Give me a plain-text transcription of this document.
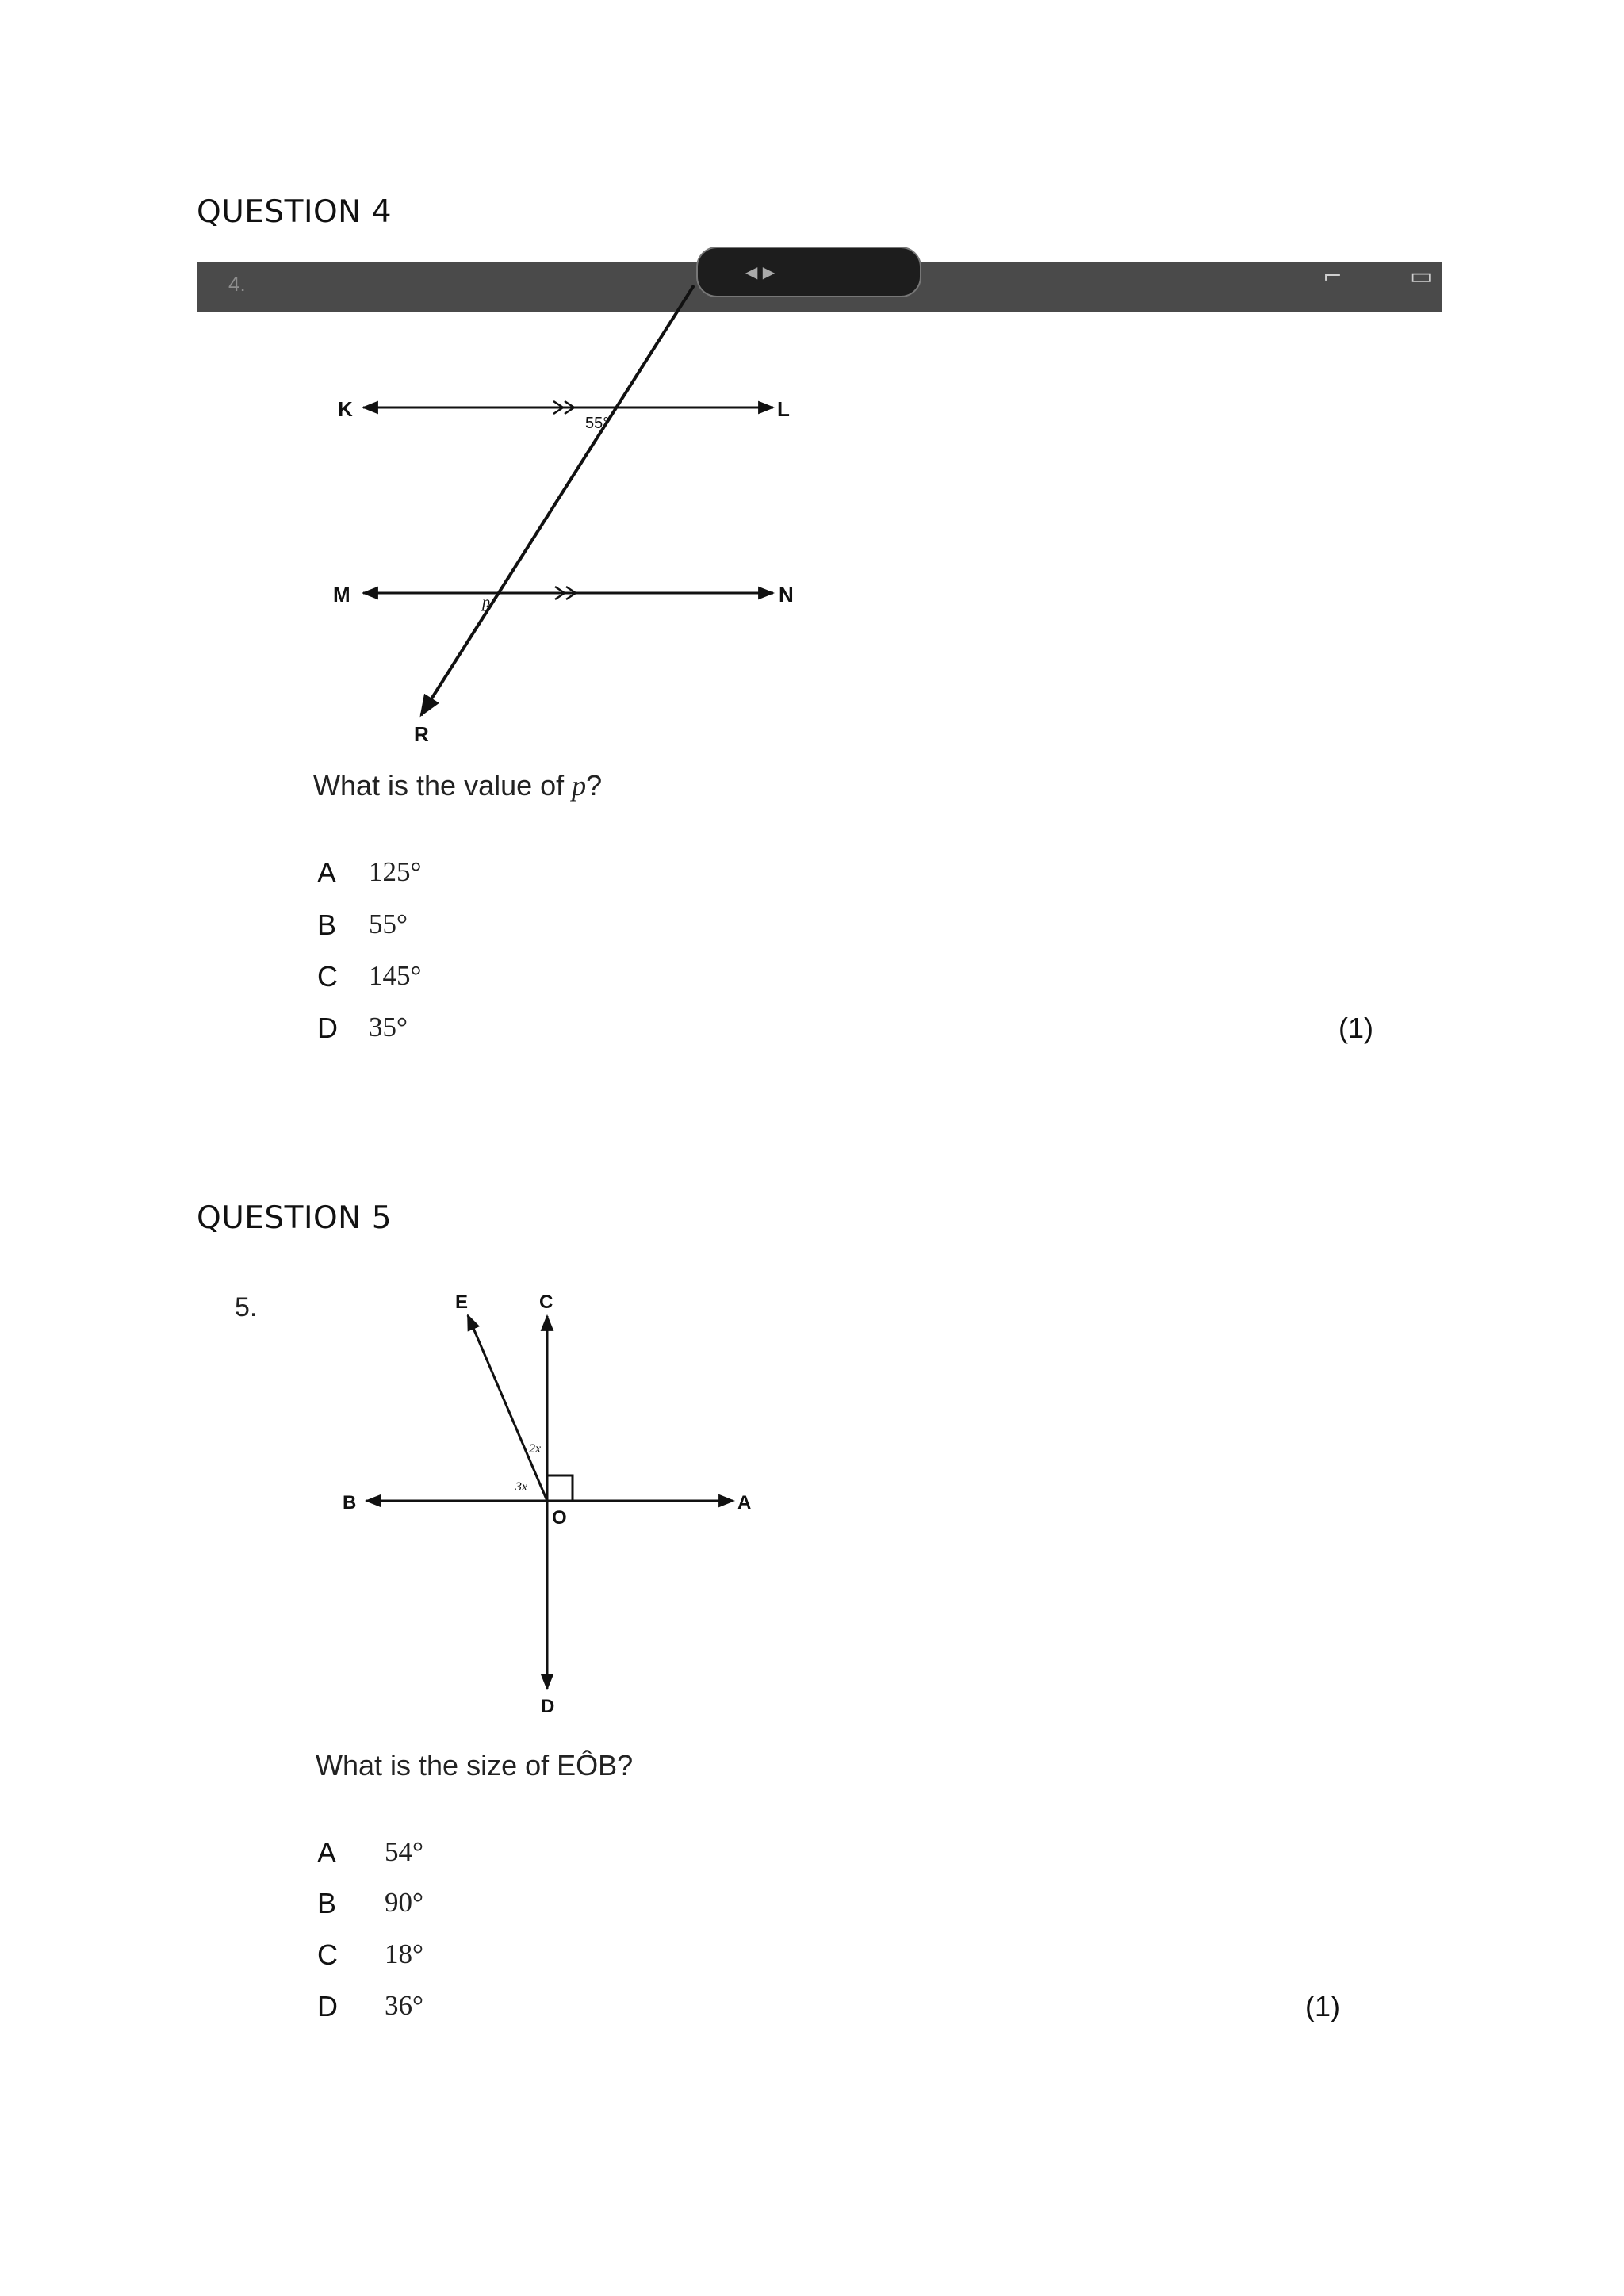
QUESTION 4
4.	◀ ▶	⌐	▭
K	L
M	N
R
55°
p
E	C
B	A
O
D
2x
3x
What is the value of p?
A 125°
B 55°
C 145°
D 35°	(1)
QUESTION 5
5.
What is the size of EÔB?
A 54°
B 90°
C 18°
D 36°	(1)
